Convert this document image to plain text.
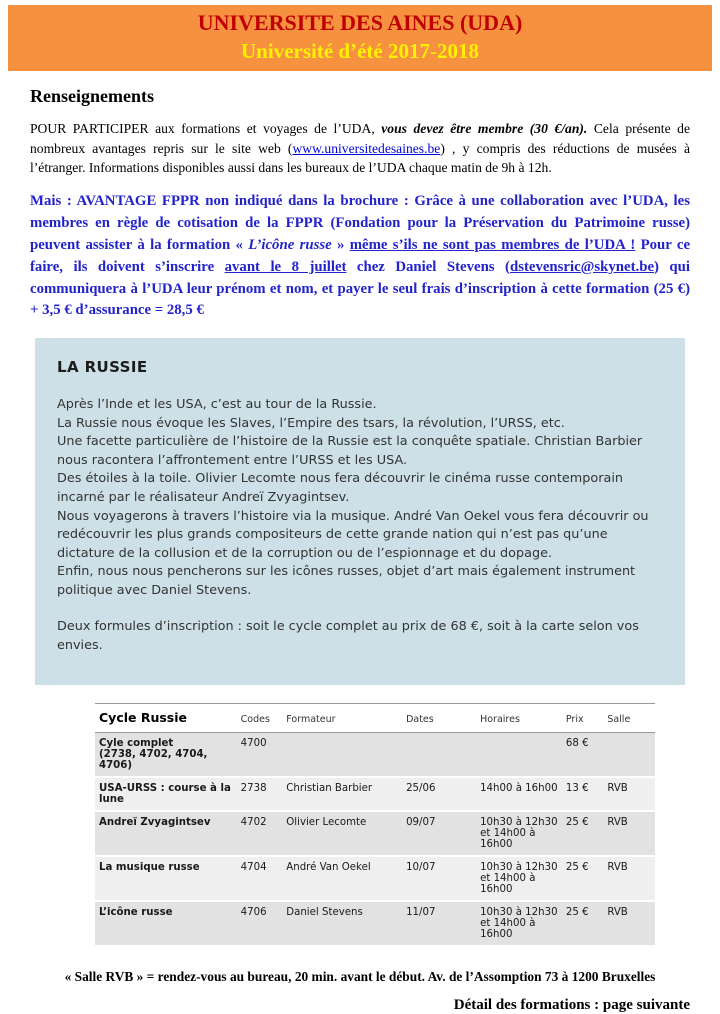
UNIVERSITE DES AINES (UDA)
Université d’été 2017-2018
Renseignements

POUR PARTICIPER aux formations et voyages de l’UDA, vous devez être membre (30 €/an). Cela présente de nombreux avantages repris sur le site web (www.universitedesaines.be) , y compris des réductions de musées à l’étranger. Informations disponibles aussi dans les bureaux de l’UDA chaque matin de 9h à 12h.

Mais : AVANTAGE FPPR non indiqué dans la brochure : Grâce à une collaboration avec l’UDA, les membres en règle de cotisation de la FPPR (Fondation pour la Préservation du Patrimoine russe) peuvent assister à la formation « L’icône russe » même s’ils ne sont pas membres de l’UDA ! Pour ce faire, ils doivent s’inscrire avant le 8 juillet chez Daniel Stevens (dstevensric@skynet.be) qui communiquera à l’UDA leur prénom et nom, et payer le seul frais d’inscription à cette formation (25 €) + 3,5 € d’assurance = 28,5 €

LA RUSSIE

Après l’Inde et les USA, c’est au tour de la Russie.

La Russie nous évoque les Slaves, l’Empire des tsars, la révolution, l’URSS, etc.

Une facette particulière de l’histoire de la Russie est la conquête spatiale. Christian Barbier nous racontera l’affrontement entre l’URSS et les USA.

Des étoiles à la toile. Olivier Lecomte nous fera découvrir le cinéma russe contemporain incarné par le réalisateur Andreï Zvyagintsev.

Nous voyagerons à travers l’histoire via la musique. André Van Oekel vous fera découvrir ou redécouvrir les plus grands compositeurs de cette grande nation qui n’est pas qu’une dictature de la collusion et de la corruption ou de l’espionnage et du dopage.

Enfin, nous nous pencherons sur les icônes russes, objet d’art mais également instrument politique avec Daniel Stevens.

Deux formules d’inscription : soit le cycle complet au prix de 68 €, soit à la carte selon vos envies.

Cycle Russie	Codes	Formateur	Dates	Horaires	Prix	Salle
Cyle complet
(2738, 4702, 4704, 4706)	4700				68 €	
USA-URSS : course à la lune	2738	Christian Barbier	25/06	14h00 à 16h00	13 €	RVB
Andreï Zvyagintsev	4702	Olivier Lecomte	09/07	10h30 à 12h30 et 14h00 à 16h00	25 €	RVB
La musique russe	4704	André Van Oekel	10/07	10h30 à 12h30 et 14h00 à 16h00	25 €	RVB
L’icône russe	4706	Daniel Stevens	11/07	10h30 à 12h30 et 14h00 à 16h00	25 €	RVB
« Salle RVB » = rendez-vous au bureau, 20 min. avant le début. Av. de l’Assomption 73 à 1200 Bruxelles
Détail des formations : page suivante
